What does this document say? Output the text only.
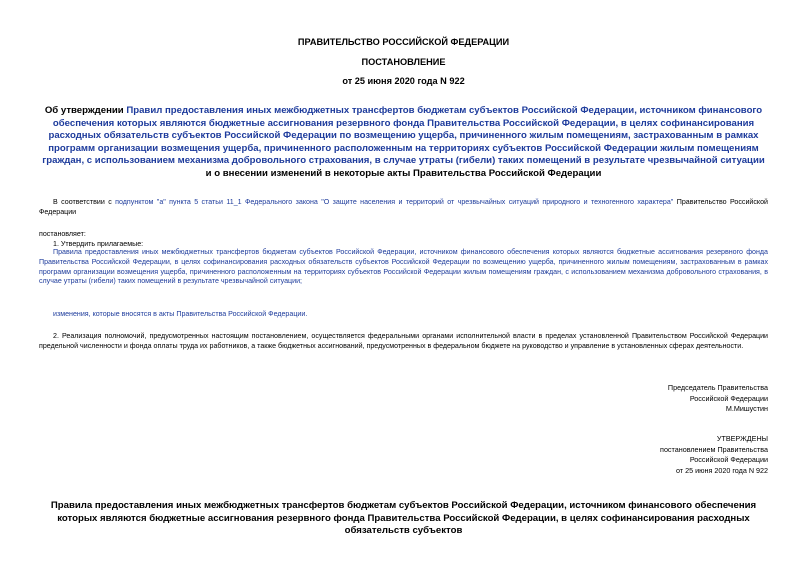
ПРАВИТЕЛЬСТВО РОССИЙСКОЙ ФЕДЕРАЦИИ
ПОСТАНОВЛЕНИЕ
от 25 июня 2020 года N 922
Об утверждении Правил предоставления иных межбюджетных трансфертов бюджетам субъектов Российской Федерации, источником финансового обеспечения которых являются бюджетные ассигнования резервного фонда Правительства Российской Федерации, в целях софинансирования расходных обязательств субъектов Российской Федерации по возмещению ущерба, причиненного жилым помещениям, застрахованным в рамках программ организации возмещения ущерба, причиненного расположенным на территориях субъектов Российской Федерации жилым помещениям граждан, с использованием механизма добровольного страхования, в случае утраты (гибели) таких помещений в результате чрезвычайной ситуации и о внесении изменений в некоторые акты Правительства Российской Федерации
В соответствии с подпунктом "а" пункта 5 статьи 11_1 Федерального закона "О защите населения и территорий от чрезвычайных ситуаций природного и техногенного характера" Правительство Российской Федерации
постановляет:
1. Утвердить прилагаемые:
Правила предоставления иных межбюджетных трансфертов бюджетам субъектов Российской Федерации, источником финансового обеспечения которых являются бюджетные ассигнования резервного фонда Правительства Российской Федерации, в целях софинансирования расходных обязательств субъектов Российской Федерации по возмещению ущерба, причиненного жилым помещениям, застрахованным в рамках программ организации возмещения ущерба, причиненного расположенным на территориях субъектов Российской Федерации жилым помещениям граждан, с использованием механизма добровольного страхования, в случае утраты (гибели) таких помещений в результате чрезвычайной ситуации;
изменения, которые вносятся в акты Правительства Российской Федерации.
2. Реализация полномочий, предусмотренных настоящим постановлением, осуществляется федеральными органами исполнительной власти в пределах установленной Правительством Российской Федерации предельной численности и фонда оплаты труда их работников, а также бюджетных ассигнований, предусмотренных в федеральном бюджете на руководство и управление в установленных сферах деятельности.
Председатель Правительства
Российской Федерации
М.Мишустин
УТВЕРЖДЕНЫ
постановлением Правительства
Российской Федерации
от 25 июня 2020 года N 922
Правила предоставления иных межбюджетных трансфертов бюджетам субъектов Российской Федерации, источником финансового обеспечения которых являются бюджетные ассигнования резервного фонда Правительства Российской Федерации, в целях софинансирования расходных обязательств субъектов
